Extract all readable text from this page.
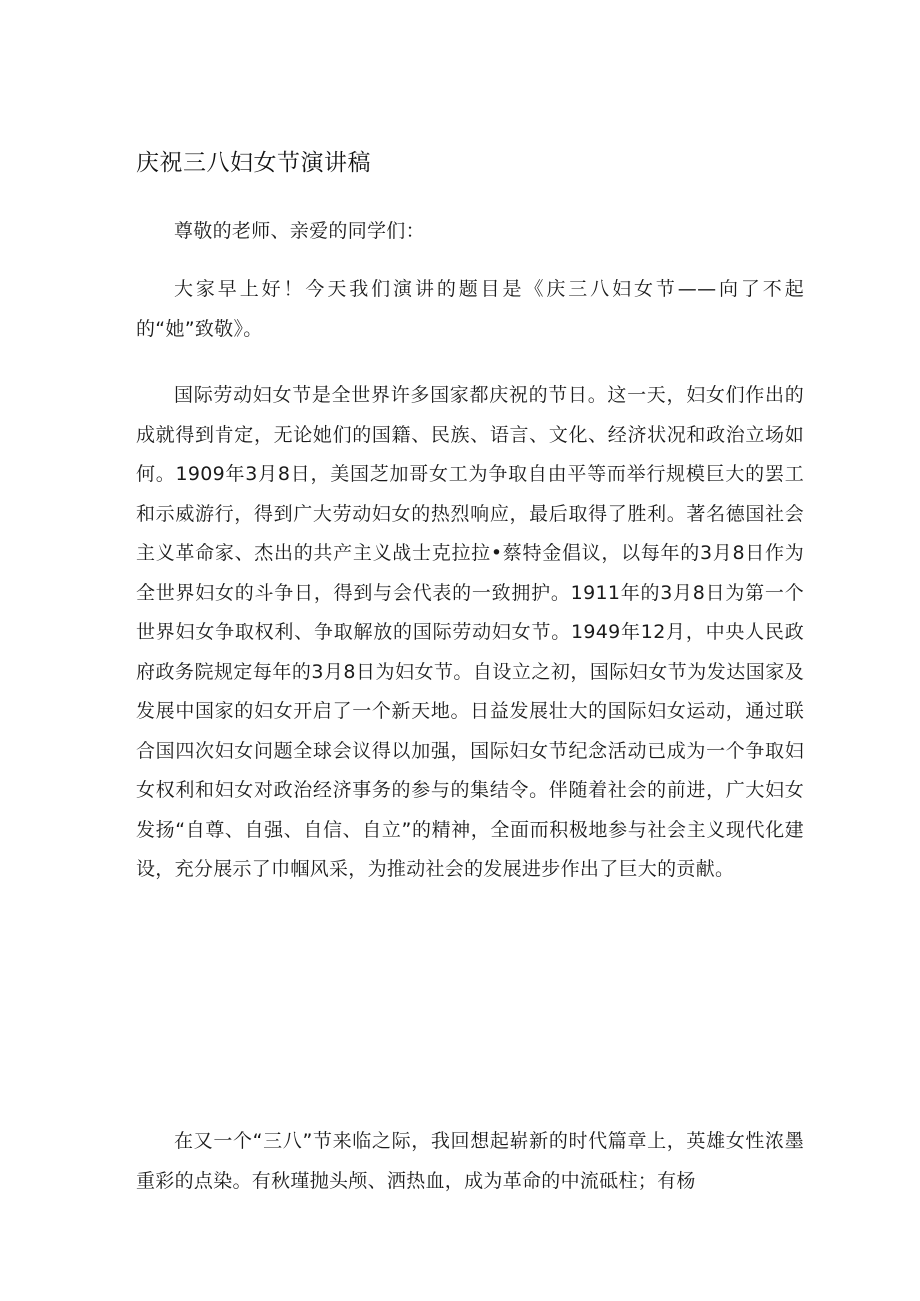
庆祝三八妇女节演讲稿

尊敬的老师、亲爱的同学们：

大家早上好！今天我们演讲的题目是《庆三八妇女节——向了不起的“她”致敬》。

国际劳动妇女节是全世界许多国家都庆祝的节日。这一天，妇女们作出的成就得到肯定，无论她们的国籍、民族、语言、文化、经济状况和政治立场如何。1909年3月8日，美国芝加哥女工为争取自由平等而举行规模巨大的罢工和示威游行，得到广大劳动妇女的热烈响应，最后取得了胜利。著名德国社会主义革命家、杰出的共产主义战士克拉拉•蔡特金倡议，以每年的3月8日作为全世界妇女的斗争日，得到与会代表的一致拥护。1911年的3月8日为第一个世界妇女争取权利、争取解放的国际劳动妇女节。1949年12月，中央人民政府政务院规定每年的3月8日为妇女节。自设立之初，国际妇女节为发达国家及发展中国家的妇女开启了一个新天地。日益发展壮大的国际妇女运动，通过联合国四次妇女问题全球会议得以加强，国际妇女节纪念活动已成为一个争取妇女权利和妇女对政治经济事务的参与的集结令。伴随着社会的前进，广大妇女发扬“自尊、自强、自信、自立”的精神，全面而积极地参与社会主义现代化建设，充分展示了巾帼风采，为推动社会的发展进步作出了巨大的贡献。

在又一个“三八”节来临之际，我回想起崭新的时代篇章上，英雄女性浓墨重彩的点染。有秋瑾抛头颅、洒热血，成为革命的中流砥柱；有杨
